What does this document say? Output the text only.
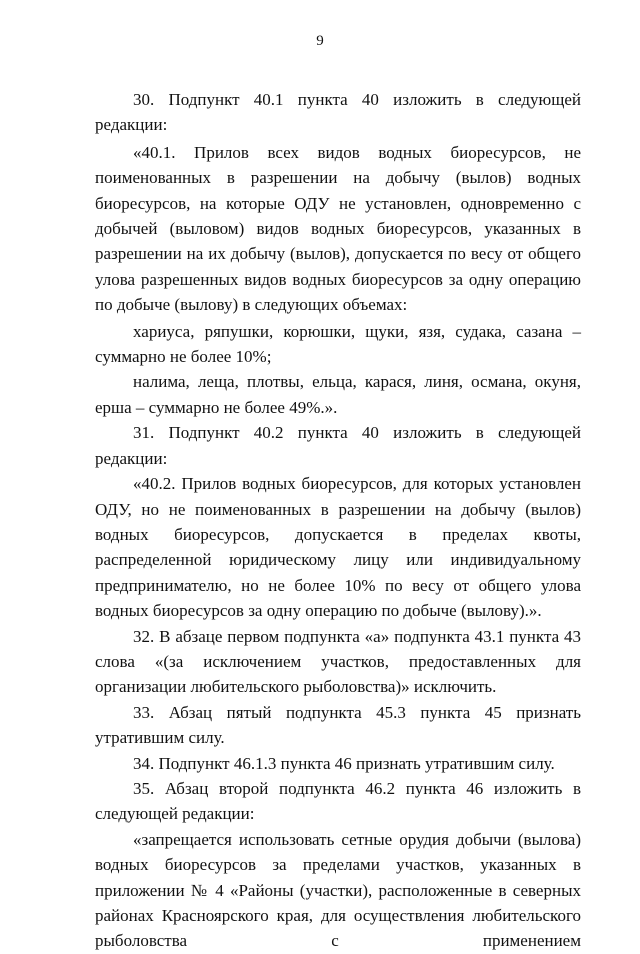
9

30. Подпункт 40.1 пункта 40 изложить в следующей редакции:

«40.1. Прилов всех видов водных биоресурсов, не поименованных в разрешении на добычу (вылов) водных биоресурсов, на которые ОДУ не установлен, одновременно с добычей (выловом) видов водных биоресурсов, указанных в разрешении на их добычу (вылов), допускается по весу от общего улова разрешенных видов водных биоресурсов за одну операцию по добыче (вылову) в следующих объемах:

хариуса, ряпушки, корюшки, щуки, язя, судака, сазана – суммарно не более 10%;

налима, леща, плотвы, ельца, карася, линя, османа, окуня, ерша – суммарно не более 49%.».

31. Подпункт 40.2 пункта 40 изложить в следующей редакции:

«40.2. Прилов водных биоресурсов, для которых установлен ОДУ, но не поименованных в разрешении на добычу (вылов) водных биоресурсов, допускается в пределах квоты, распределенной юридическому лицу или индивидуальному предпринимателю, но не более 10% по весу от общего улова водных биоресурсов за одну операцию по добыче (вылову).».

32. В абзаце первом подпункта «а» подпункта 43.1 пункта 43 слова «(за исключением участков, предоставленных для организации любительского рыболовства)» исключить.

33. Абзац пятый подпункта 45.3 пункта 45 признать утратившим силу.

34. Подпункт 46.1.3 пункта 46 признать утратившим силу.

35. Абзац второй подпункта 46.2 пункта 46 изложить в следующей редакции:

«запрещается использовать сетные орудия добычи (вылова) водных биоресурсов за пределами участков, указанных в приложении № 4 «Районы (участки), расположенные в северных районах Красноярского края, для осуществления любительского рыболовства с применением
